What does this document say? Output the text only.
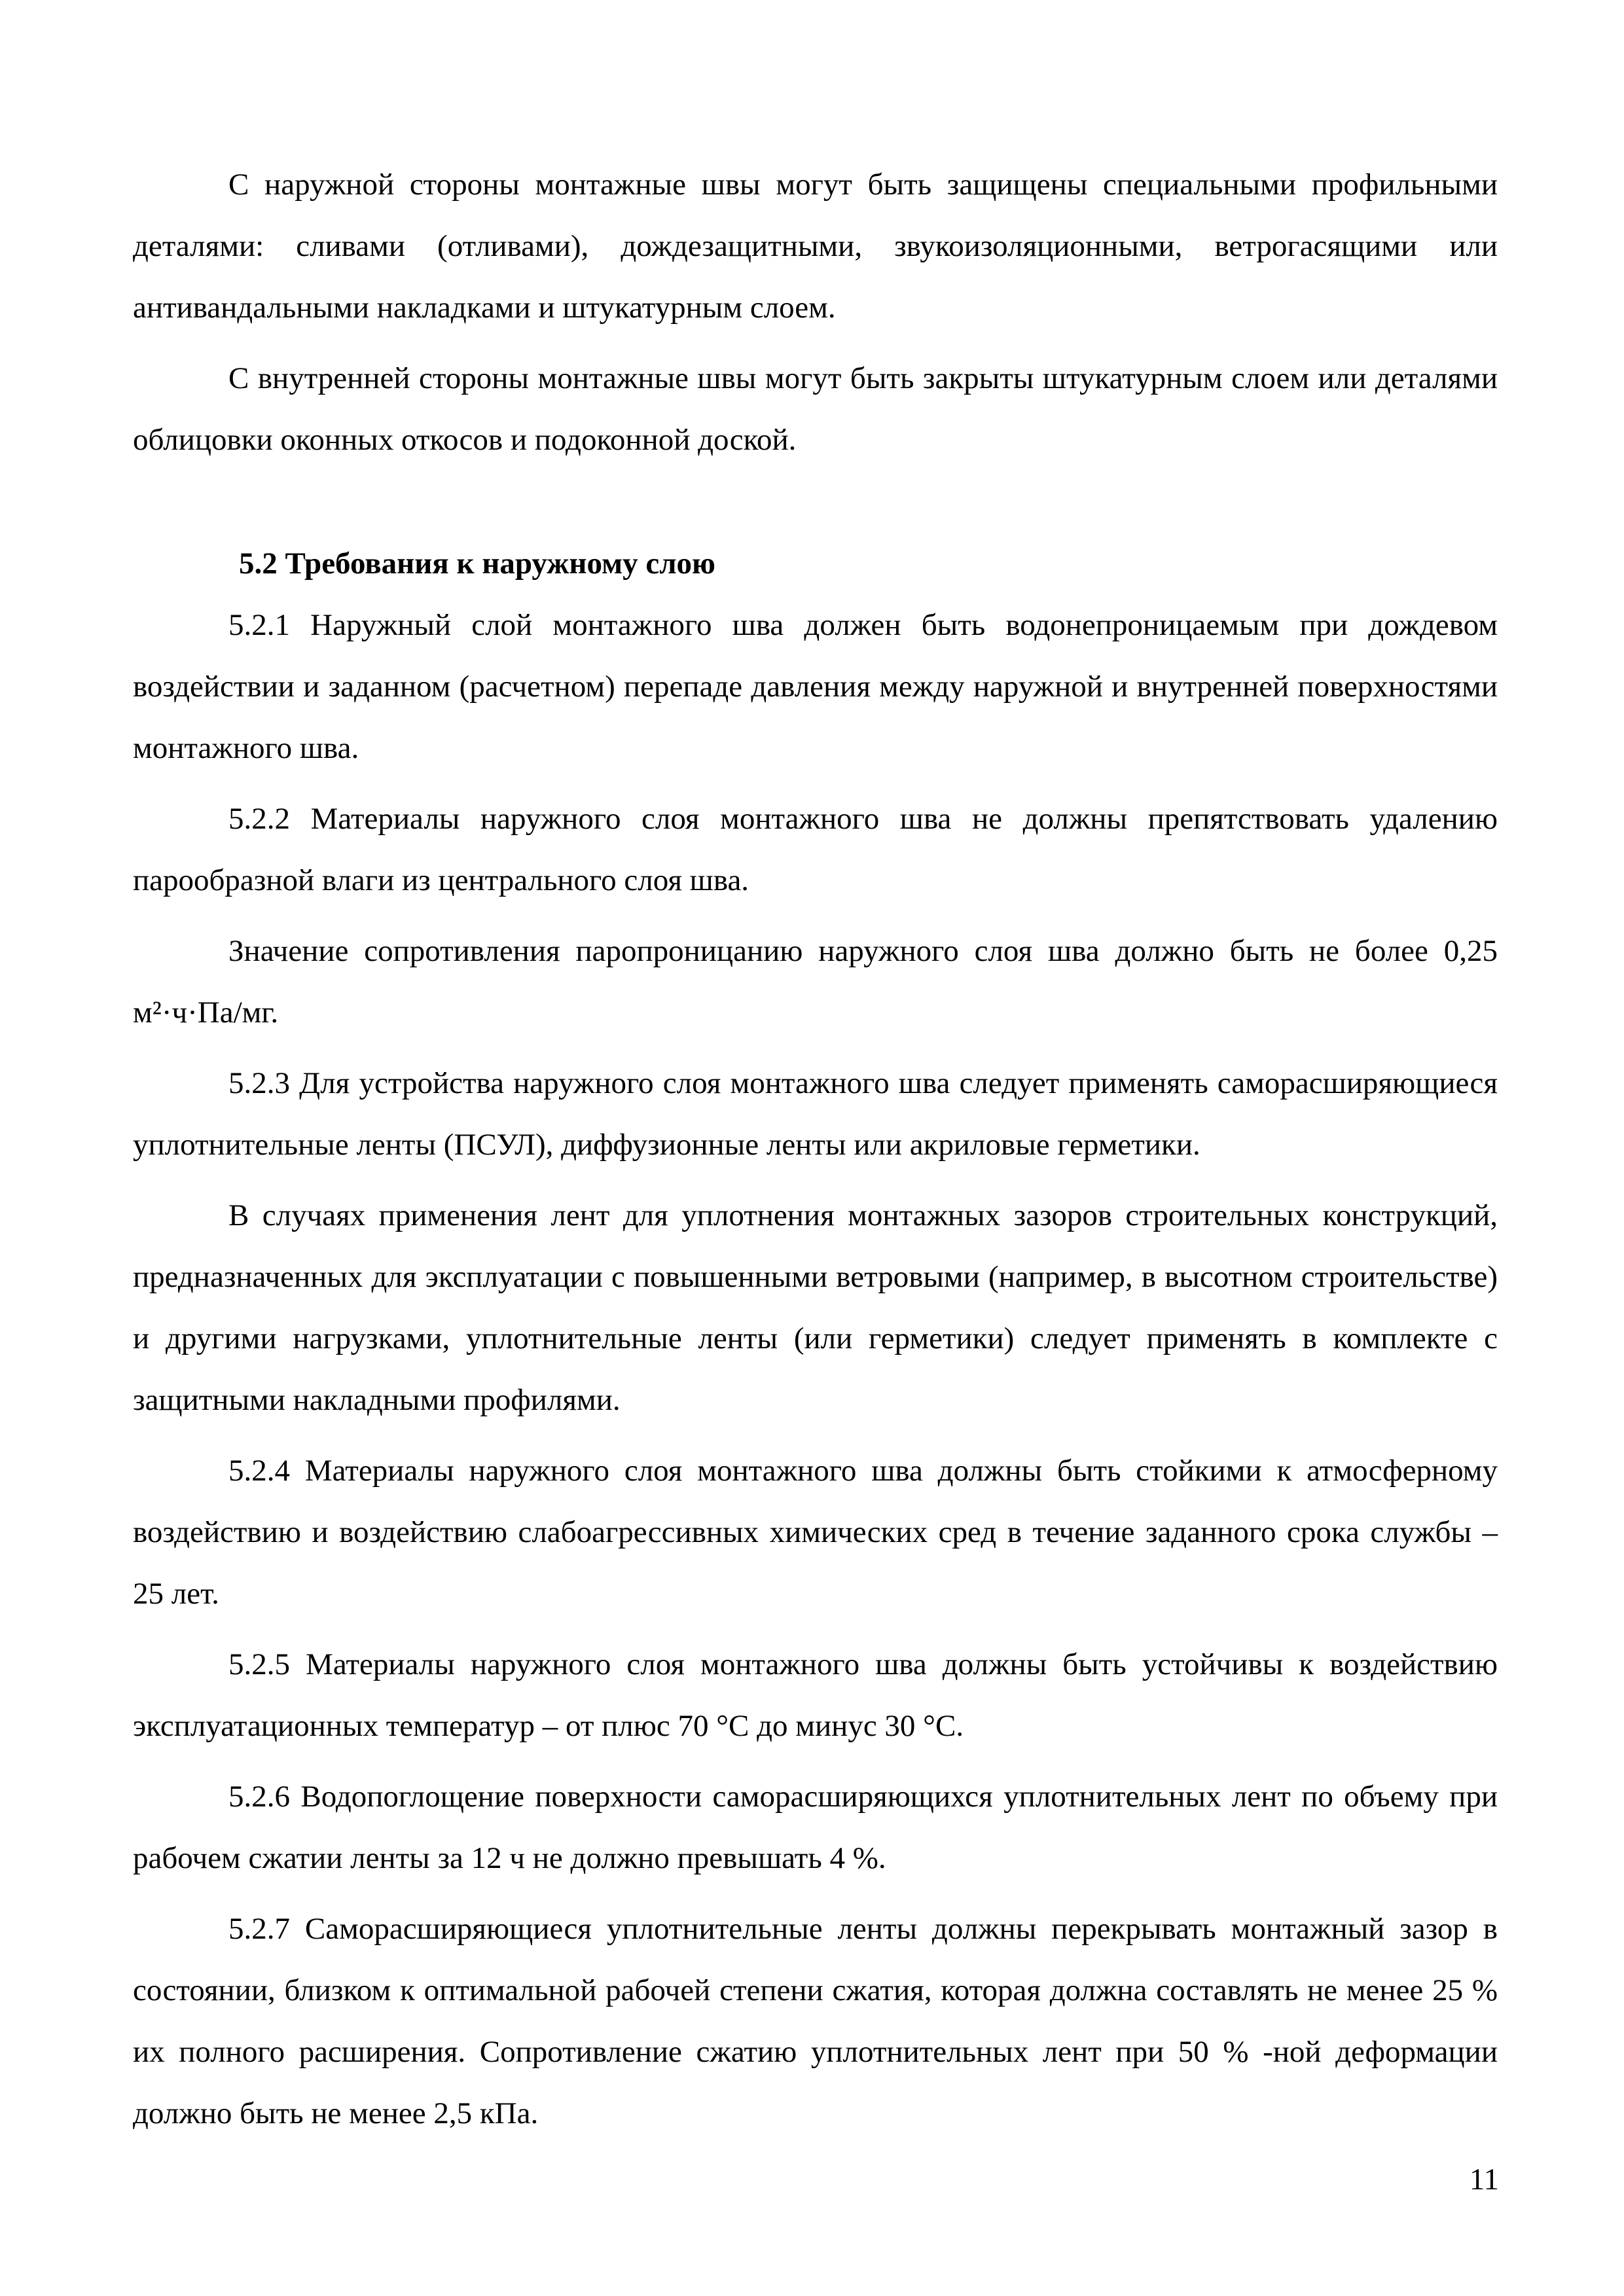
С наружной стороны монтажные швы могут быть защищены специальными профильными деталями: сливами (отливами), дождезащитными, звукоизоляционными, ветрогасящими или антивандальными накладками и штукатурным слоем.

С внутренней стороны монтажные швы могут быть закрыты штукатурным слоем или деталями облицовки оконных откосов и подоконной доской.

5.2 Требования к наружному слою

5.2.1 Наружный слой монтажного шва должен быть водонепроницаемым при дождевом воздействии и заданном (расчетном) перепаде давления между наружной и внутренней поверхностями монтажного шва.

5.2.2 Материалы наружного слоя монтажного шва не должны препятствовать удалению парообразной влаги из центрального слоя шва.

Значение сопротивления паропроницанию наружного слоя шва должно быть не более 0,25 м²·ч·Па/мг.

5.2.3 Для устройства наружного слоя монтажного шва следует применять саморасширяющиеся уплотнительные ленты (ПСУЛ), диффузионные ленты или акриловые герметики.

В случаях применения лент для уплотнения монтажных зазоров строительных конструкций, предназначенных для эксплуатации с повышенными ветровыми (например, в высотном строительстве) и другими нагрузками, уплотнительные ленты (или герметики) следует применять в комплекте с защитными накладными профилями.

5.2.4 Материалы наружного слоя монтажного шва должны быть стойкими к атмосферному воздействию и воздействию слабоагрессивных химических сред в течение заданного срока службы – 25 лет.

5.2.5 Материалы наружного слоя монтажного шва должны быть устойчивы к воздействию эксплуатационных температур – от плюс 70 °С до минус 30 °С.

5.2.6 Водопоглощение поверхности саморасширяющихся уплотнительных лент по объему при рабочем сжатии ленты за 12 ч не должно превышать 4 %.

5.2.7 Саморасширяющиеся уплотнительные ленты должны перекрывать монтажный зазор в состоянии, близком к оптимальной рабочей степени сжатия, которая должна составлять не менее 25 % их полного расширения. Сопротивление сжатию уплотнительных лент при 50 % -ной деформации должно быть не менее 2,5 кПа.

11
